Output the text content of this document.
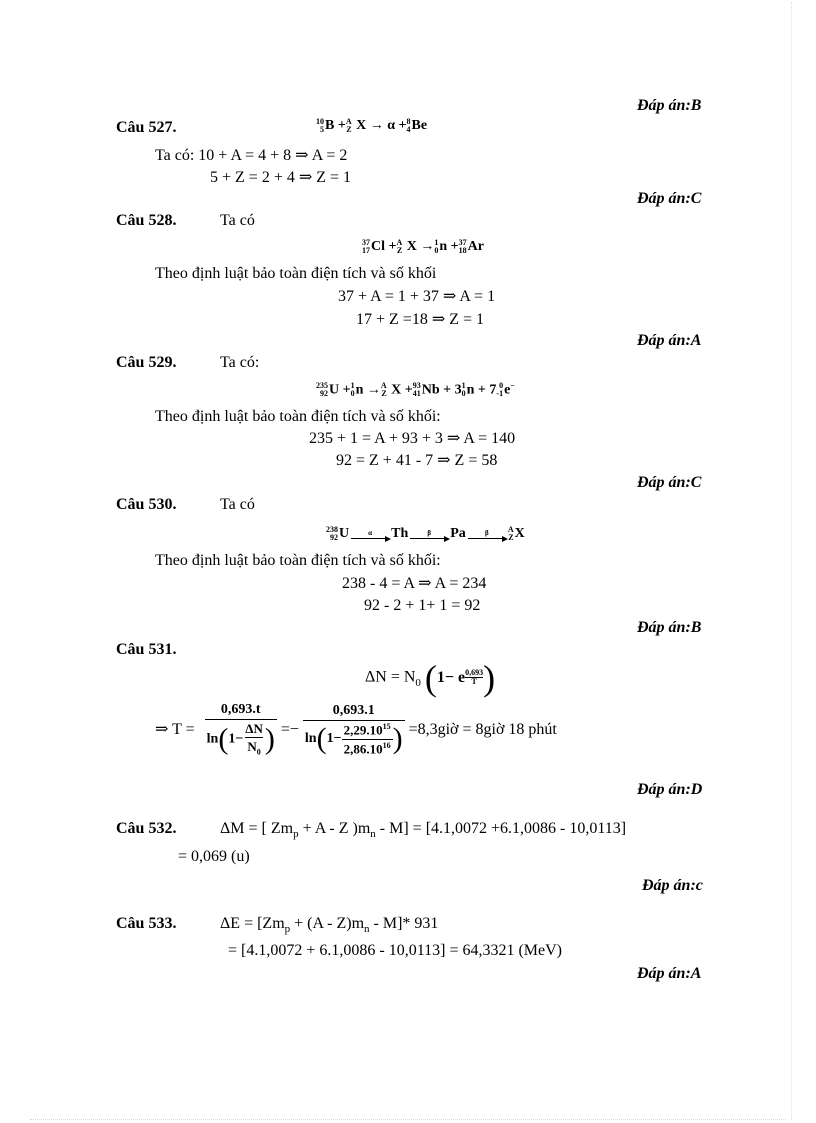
Đáp án:B
Câu 527.	10
5 B + A
Z X → α + 8
4 Be
Ta có: 10 + A = 4 + 8 ⇒ A = 2
5 + Z = 2 + 4 ⇒ Z = 1
Đáp án:C
Câu 528.	Ta có
37
17 Cl + A
Z X → 1
0 n + 37
18 Ar
Theo định luật bảo toàn điện tích và số khối
37 + A = 1 + 37 ⇒ A = 1
17 + Z =18 ⇒ Z = 1
Đáp án:A
Câu 529.	Ta có:
235
92 U + 1
0 n → A
Z X + 93
41 Nb + 3 1
0 n + 7 0
-1 e−
Theo định luật bảo toàn điện tích và số khối:
235 + 1 = A + 93 + 3 ⇒ A = 140
92 = Z + 41 - 7 ⇒ Z = 58
Đáp án:C
Câu 530.	Ta có
238
92 U	α Th	β Pa	β A
Z X
Theo định luật bảo toàn điện tích và số khối:
238 - 4 = A ⇒ A = 234
92 - 2 + 1+ 1 = 92
Đáp án:B
Câu 531.
$\Delta N = N_0$ (1− e $\frac{0,693}{T}$ )
⇒ $T = \frac{0,693.t}{\ln(1- \frac{\Delta N}{N_0} )} =- \frac{0,693.1}{\ln(1- \frac{2,29.10^{15}}{2,86.10^{16}} )}$ =8,3giờ = 8giờ 18 phút
Đáp án:D
Câu 532.	ΔM = [ $Zm_p + A - Z$ )$m_n - M] = [4.1,0072 +6.1,0086 - 10,0113]$
= 0,069 (u)
Đáp án:c
Câu 533.	$\Delta E = [Zm_p + (A - Z)m_n - M]*$ 931
= [4.1,0072 + 6.1,0086 - 10,0113] = 64,3321 (MeV)
Đáp án:A
